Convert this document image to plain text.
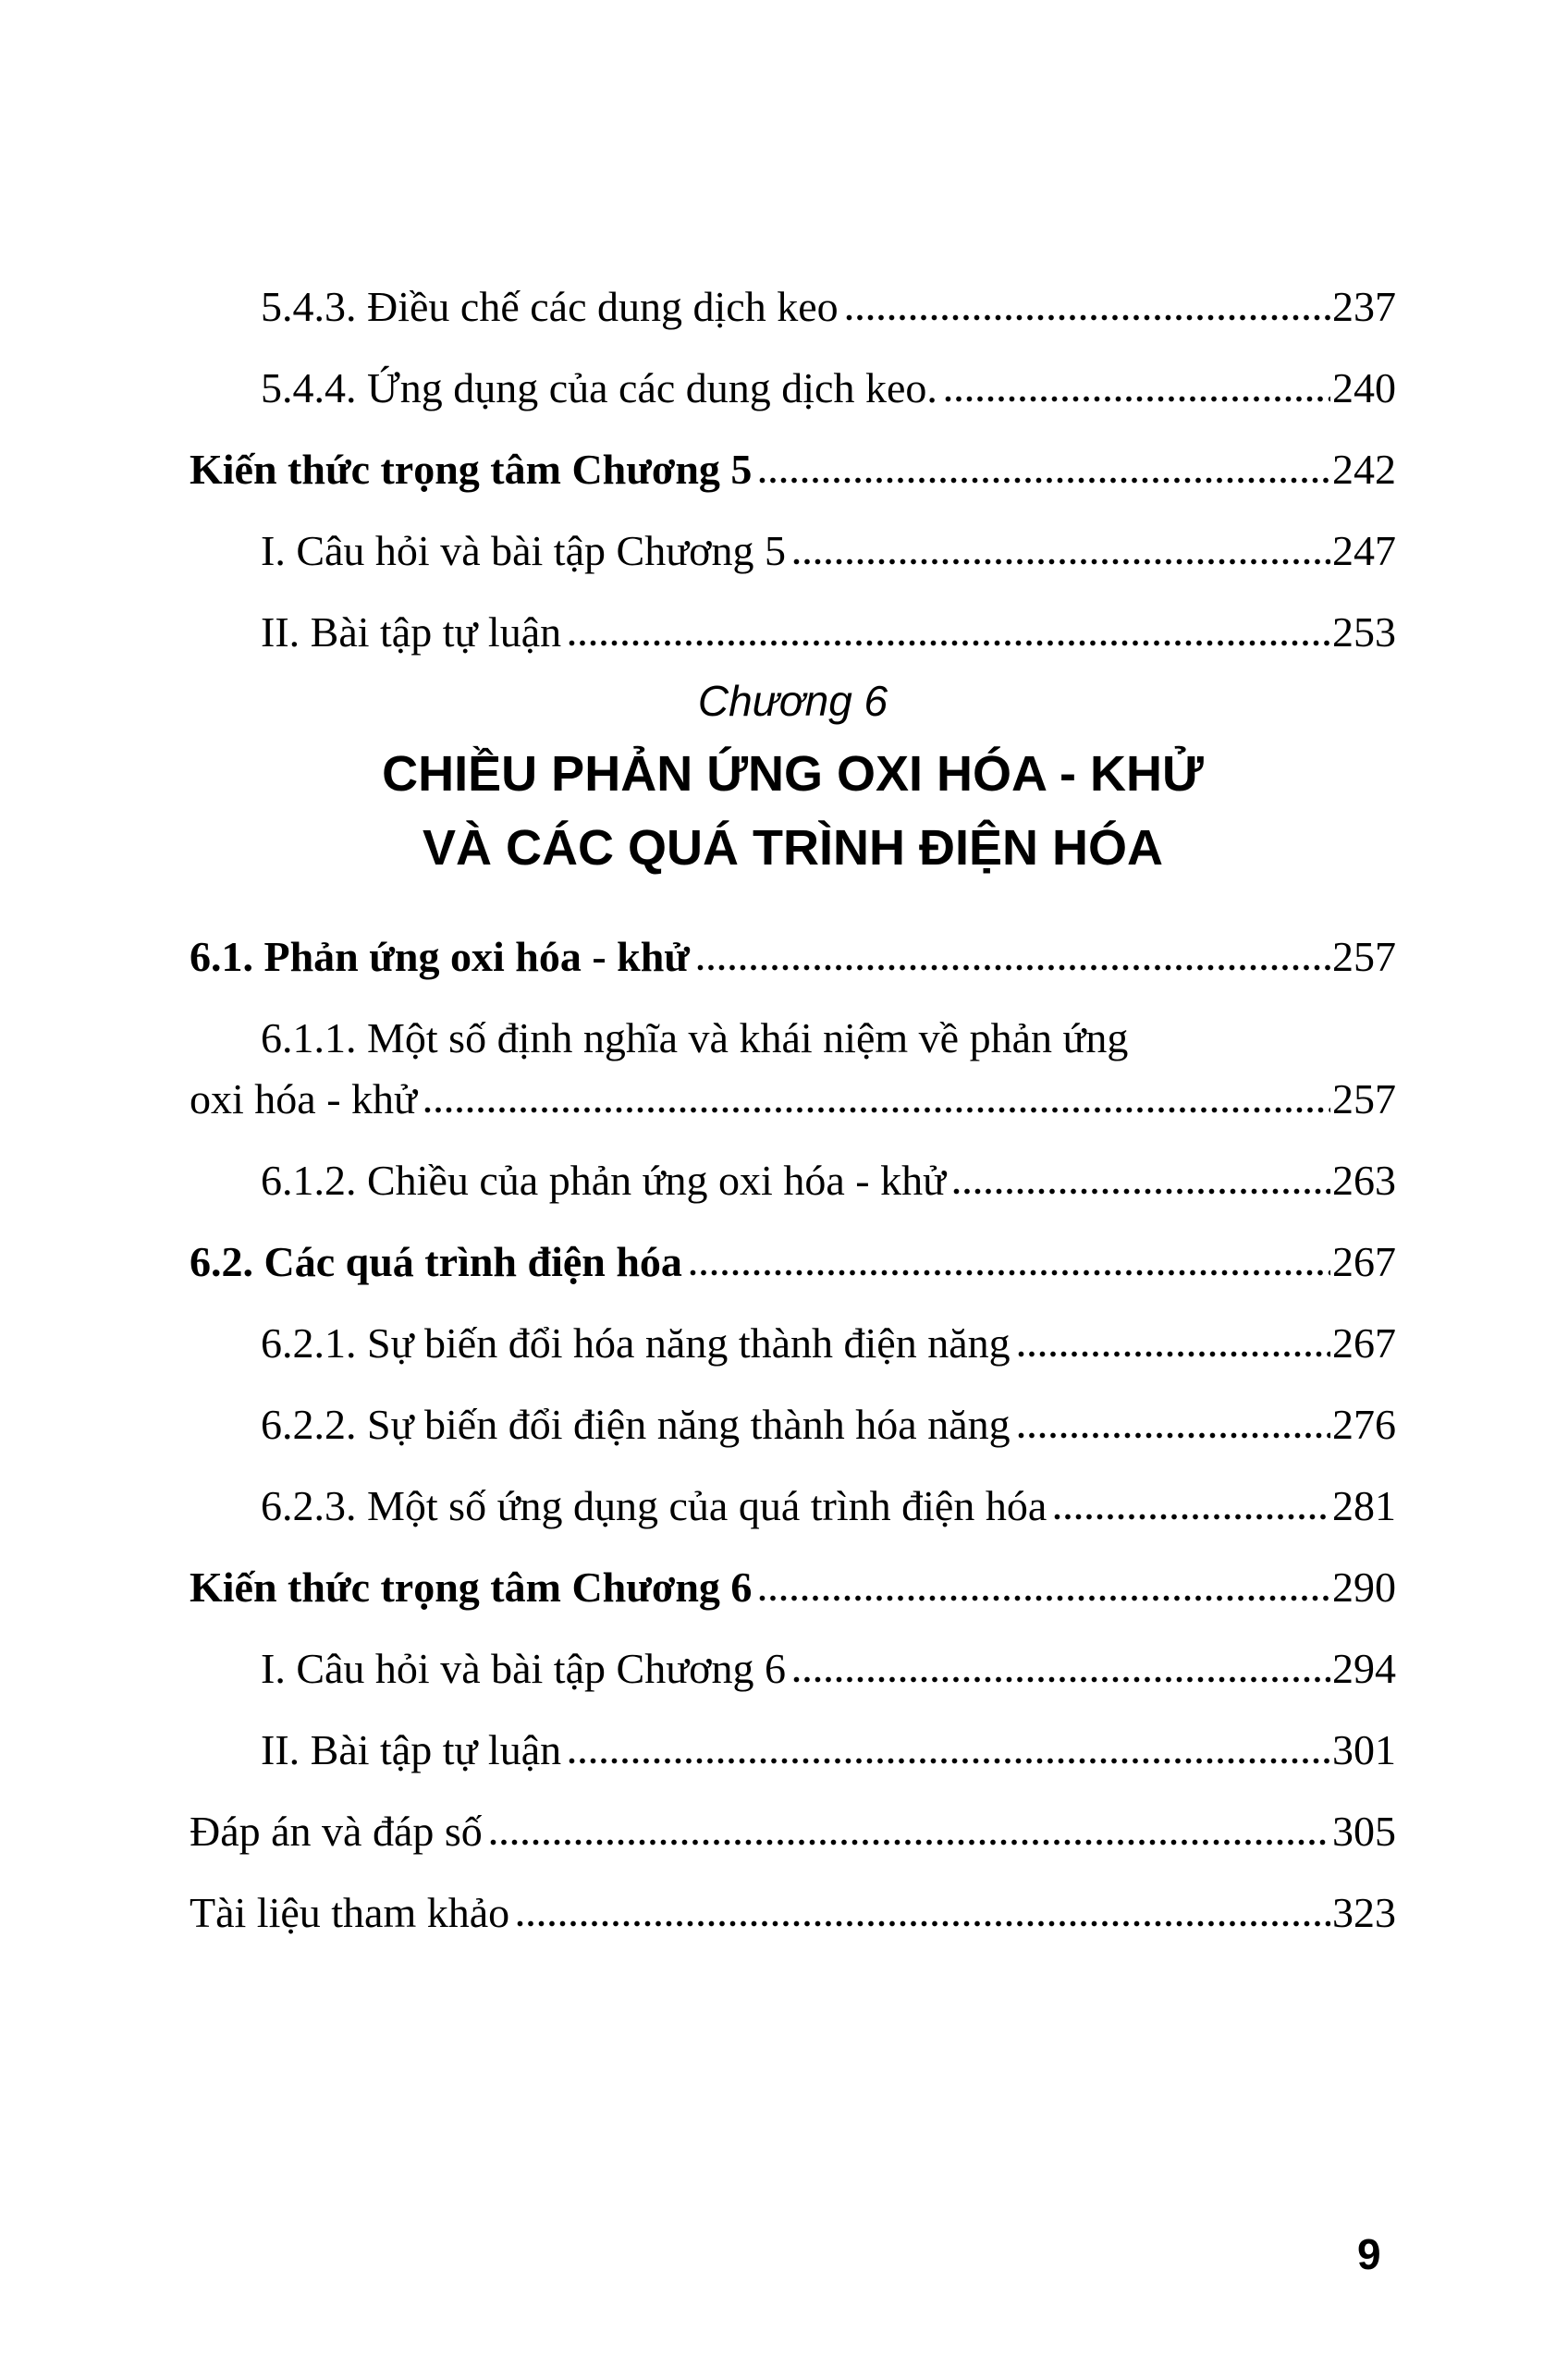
5.4.3. Điều chế các dung dịch keo	237
5.4.4. Ứng dụng của các dung dịch keo.	240
Kiến thức trọng tâm Chương 5	242
I. Câu hỏi và bài tập Chương 5	247
II. Bài tập tự luận	253
Chương 6
CHIỀU PHẢN ỨNG OXI HÓA - KHỬ
VÀ CÁC QUÁ TRÌNH ĐIỆN HÓA
6.1. Phản ứng oxi hóa - khử	257
6.1.1. Một số định nghĩa và khái niệm về phản ứng
oxi hóa - khử	257
6.1.2. Chiều của phản ứng oxi hóa - khử	263
6.2. Các quá trình điện hóa	267
6.2.1. Sự biến đổi hóa năng thành điện năng	267
6.2.2. Sự biến đổi điện năng thành hóa năng	276
6.2.3. Một số ứng dụng của quá trình điện hóa	281
Kiến thức trọng tâm Chương 6	290
I. Câu hỏi và bài tập Chương 6	294
II. Bài tập tự luận	301
Đáp án và đáp số	305
Tài liệu tham khảo	323
9
